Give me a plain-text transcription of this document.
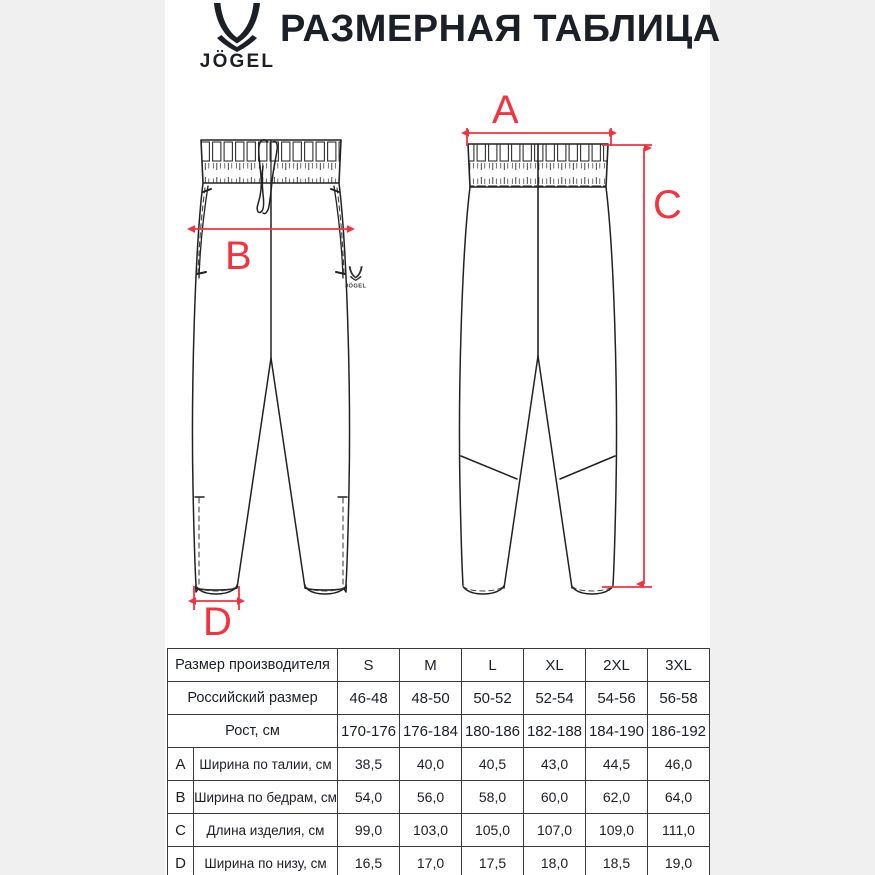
JÖGEL
РАЗМЕРНАЯ ТАБЛИЦА
JÖGEL
A
B
C
D
Размер производителя		S	M	L	XL	2XL	3XL
Российский размер		46-48	48-50	50-52	52-54	54-56	56-58
Рост, см		170-176	176-184	180-186	182-188	184-190	186-192
A	Ширина по талии, см	38,5	40,0	40,5	43,0	44,5	46,0
B	Ширина по бедрам, см	54,0	56,0	58,0	60,0	62,0	64,0
C	Длина изделия, см	99,0	103,0	105,0	107,0	109,0	111,0
D	Ширина по низу, см	16,5	17,0	17,5	18,0	18,5	19,0
